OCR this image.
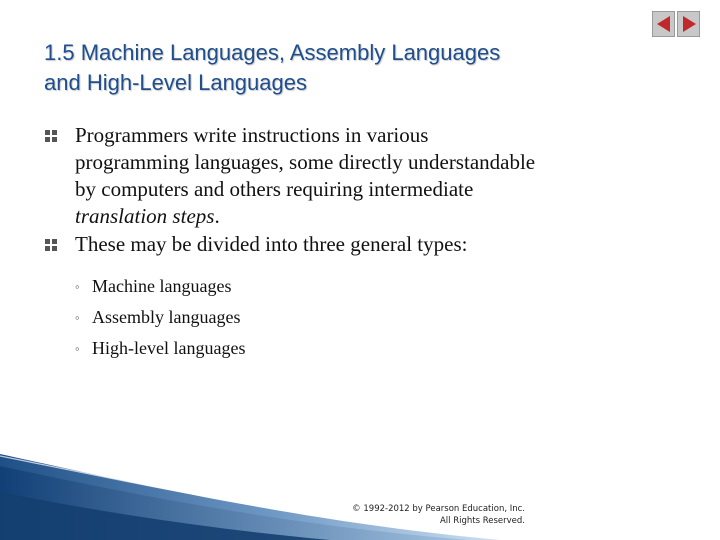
1.5 Machine Languages, Assembly Languages
and High-Level Languages
Programmers write instructions in various
programming languages, some directly understandable
by computers and others requiring intermediate
translation steps.
These may be divided into three general types:
◦ Machine languages
◦ Assembly languages
◦ High-level languages
© 1992-2012 by Pearson Education, Inc.
All Rights Reserved.
